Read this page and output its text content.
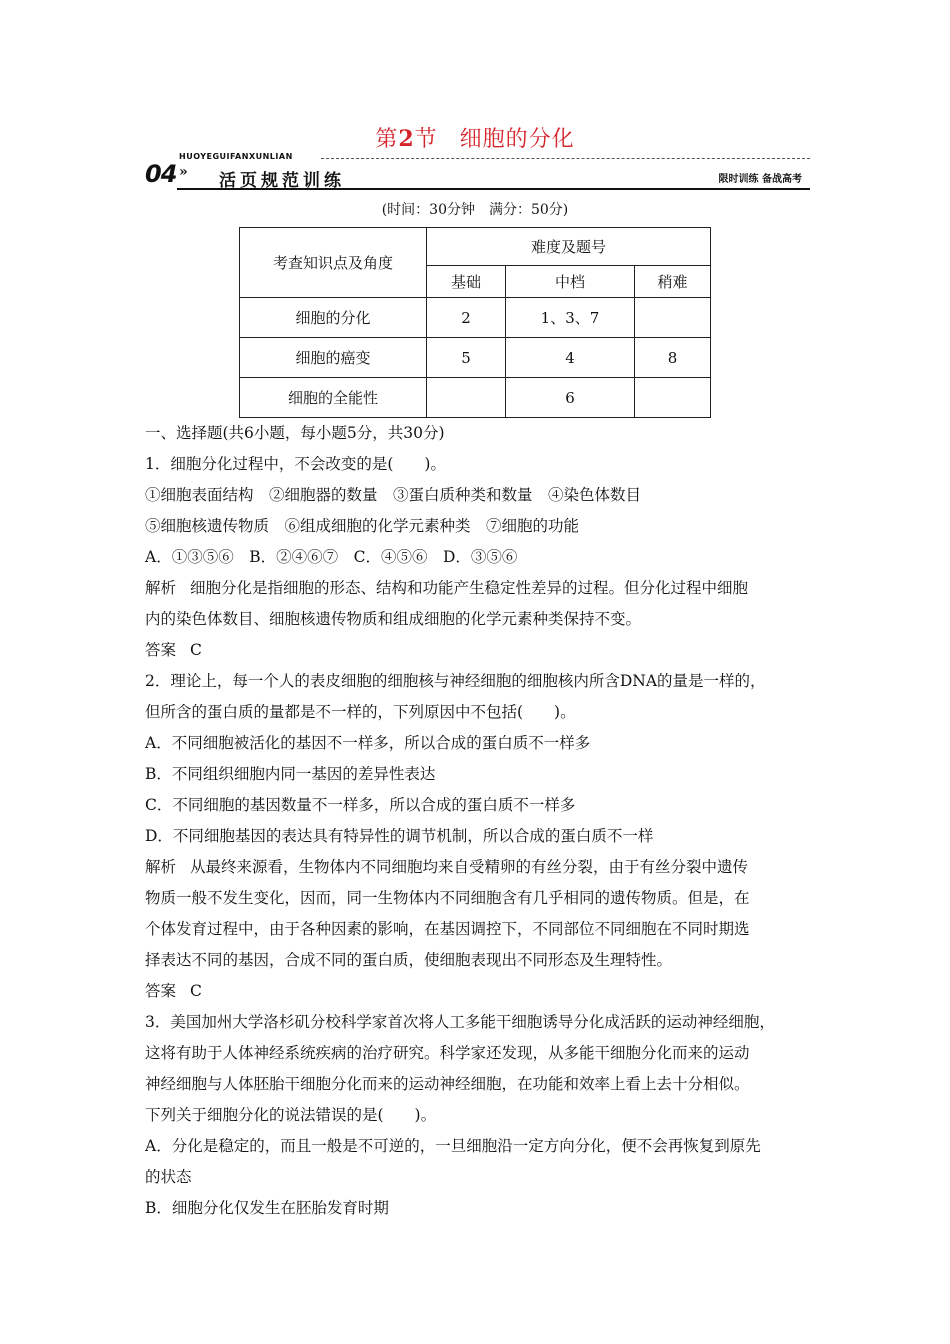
第2节 细胞的分化
HUOYEGUIFANXUNLIAN
04 » 活页规范训练	限时训练 备战高考
(时间：30分钟　满分：50分)
考查知识点及角度	难度及题号		
	基础	中档	稍难
细胞的分化	2	1、3、7	
细胞的癌变	5	4	8
细胞的全能性		6	

一、选择题(共6小题，每小题5分，共30分)

1．细胞分化过程中，不会改变的是(　　)。

①细胞表面结构　②细胞器的数量　③蛋白质种类和数量　④染色体数目

⑤细胞核遗传物质　⑥组成细胞的化学元素种类　⑦细胞的功能

A．①③⑤⑥　B．②④⑥⑦　C．④⑤⑥　D．③⑤⑥

解析 细胞分化是指细胞的形态、结构和功能产生稳定性差异的过程。但分化过程中细胞

内的染色体数目、细胞核遗传物质和组成细胞的化学元素种类保持不变。

答案 C

2．理论上，每一个人的表皮细胞的细胞核与神经细胞的细胞核内所含DNA的量是一样的，

但所含的蛋白质的量都是不一样的，下列原因中不包括(　　)。

A．不同细胞被活化的基因不一样多，所以合成的蛋白质不一样多

B．不同组织细胞内同一基因的差异性表达

C．不同细胞的基因数量不一样多，所以合成的蛋白质不一样多

D．不同细胞基因的表达具有特异性的调节机制，所以合成的蛋白质不一样

解析 从最终来源看，生物体内不同细胞均来自受精卵的有丝分裂，由于有丝分裂中遗传

物质一般不发生变化，因而，同一生物体内不同细胞含有几乎相同的遗传物质。但是，在

个体发育过程中，由于各种因素的影响，在基因调控下，不同部位不同细胞在不同时期选

择表达不同的基因，合成不同的蛋白质，使细胞表现出不同形态及生理特性。

答案 C

3．美国加州大学洛杉矶分校科学家首次将人工多能干细胞诱导分化成活跃的运动神经细胞，

这将有助于人体神经系统疾病的治疗研究。科学家还发现，从多能干细胞分化而来的运动

神经细胞与人体胚胎干细胞分化而来的运动神经细胞，在功能和效率上看上去十分相似。

下列关于细胞分化的说法错误的是(　　)。

A．分化是稳定的，而且一般是不可逆的，一旦细胞沿一定方向分化，便不会再恢复到原先

的状态

B．细胞分化仅发生在胚胎发育时期
